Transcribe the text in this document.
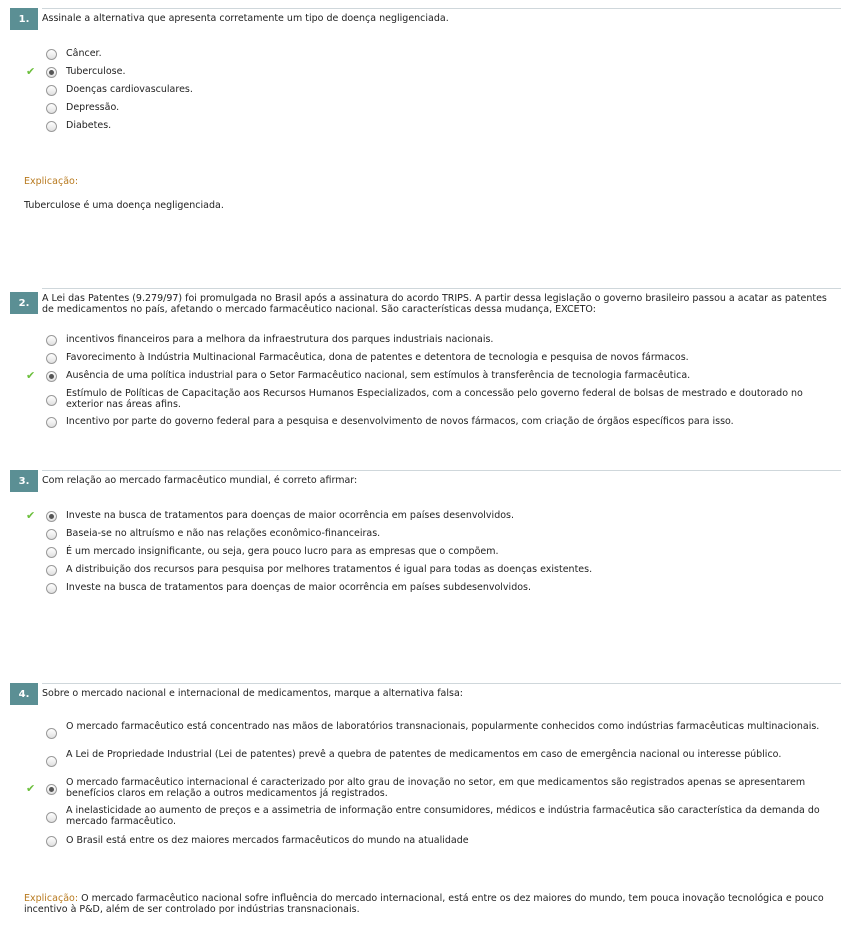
1.	Assinale a alternativa que apresenta corretamente um tipo de doença negligenciada.
Câncer.
✔	Tuberculose.
Doenças cardiovasculares.
Depressão.
Diabetes.
Explicação:
Tuberculose é uma doença negligenciada.
2.	A Lei das Patentes (9.279/97) foi promulgada no Brasil após a assinatura do acordo TRIPS. A partir dessa legislação o governo brasileiro passou a acatar as patentes de medicamentos no país, afetando o mercado farmacêutico nacional. São características dessa mudança, EXCETO:
incentivos financeiros para a melhora da infraestrutura dos parques industriais nacionais.
Favorecimento à Indústria Multinacional Farmacêutica, dona de patentes e detentora de tecnologia e pesquisa de novos fármacos.
✔	Ausência de uma política industrial para o Setor Farmacêutico nacional, sem estímulos à transferência de tecnologia farmacêutica.
Estímulo de Políticas de Capacitação aos Recursos Humanos Especializados, com a concessão pelo governo federal de bolsas de mestrado e doutorado no exterior nas áreas afins.
Incentivo por parte do governo federal para a pesquisa e desenvolvimento de novos fármacos, com criação de órgãos específicos para isso.
3.	Com relação ao mercado farmacêutico mundial, é correto afirmar:
✔	Investe na busca de tratamentos para doenças de maior ocorrência em países desenvolvidos.
Baseia-se no altruísmo e não nas relações econômico-financeiras.
É um mercado insignificante, ou seja, gera pouco lucro para as empresas que o compõem.
A distribuição dos recursos para pesquisa por melhores tratamentos é igual para todas as doenças existentes.
Investe na busca de tratamentos para doenças de maior ocorrência em países subdesenvolvidos.
4.	Sobre o mercado nacional e internacional de medicamentos, marque a alternativa falsa:
O mercado farmacêutico está concentrado nas mãos de laboratórios transnacionais, popularmente conhecidos como indústrias farmacêuticas multinacionais.
A Lei de Propriedade Industrial (Lei de patentes) prevê a quebra de patentes de medicamentos em caso de emergência nacional ou interesse público.
✔	O mercado farmacêutico internacional é caracterizado por alto grau de inovação no setor, em que medicamentos são registrados apenas se apresentarem benefícios claros em relação a outros medicamentos já registrados.
A inelasticidade ao aumento de preços e a assimetria de informação entre consumidores, médicos e indústria farmacêutica são característica da demanda do mercado farmacêutico.
O Brasil está entre os dez maiores mercados farmacêuticos do mundo na atualidade
Explicação: O mercado farmacêutico nacional sofre influência do mercado internacional, está entre os dez maiores do mundo, tem pouca inovação tecnológica e pouco incentivo à P&D, além de ser controlado por indústrias transnacionais.
